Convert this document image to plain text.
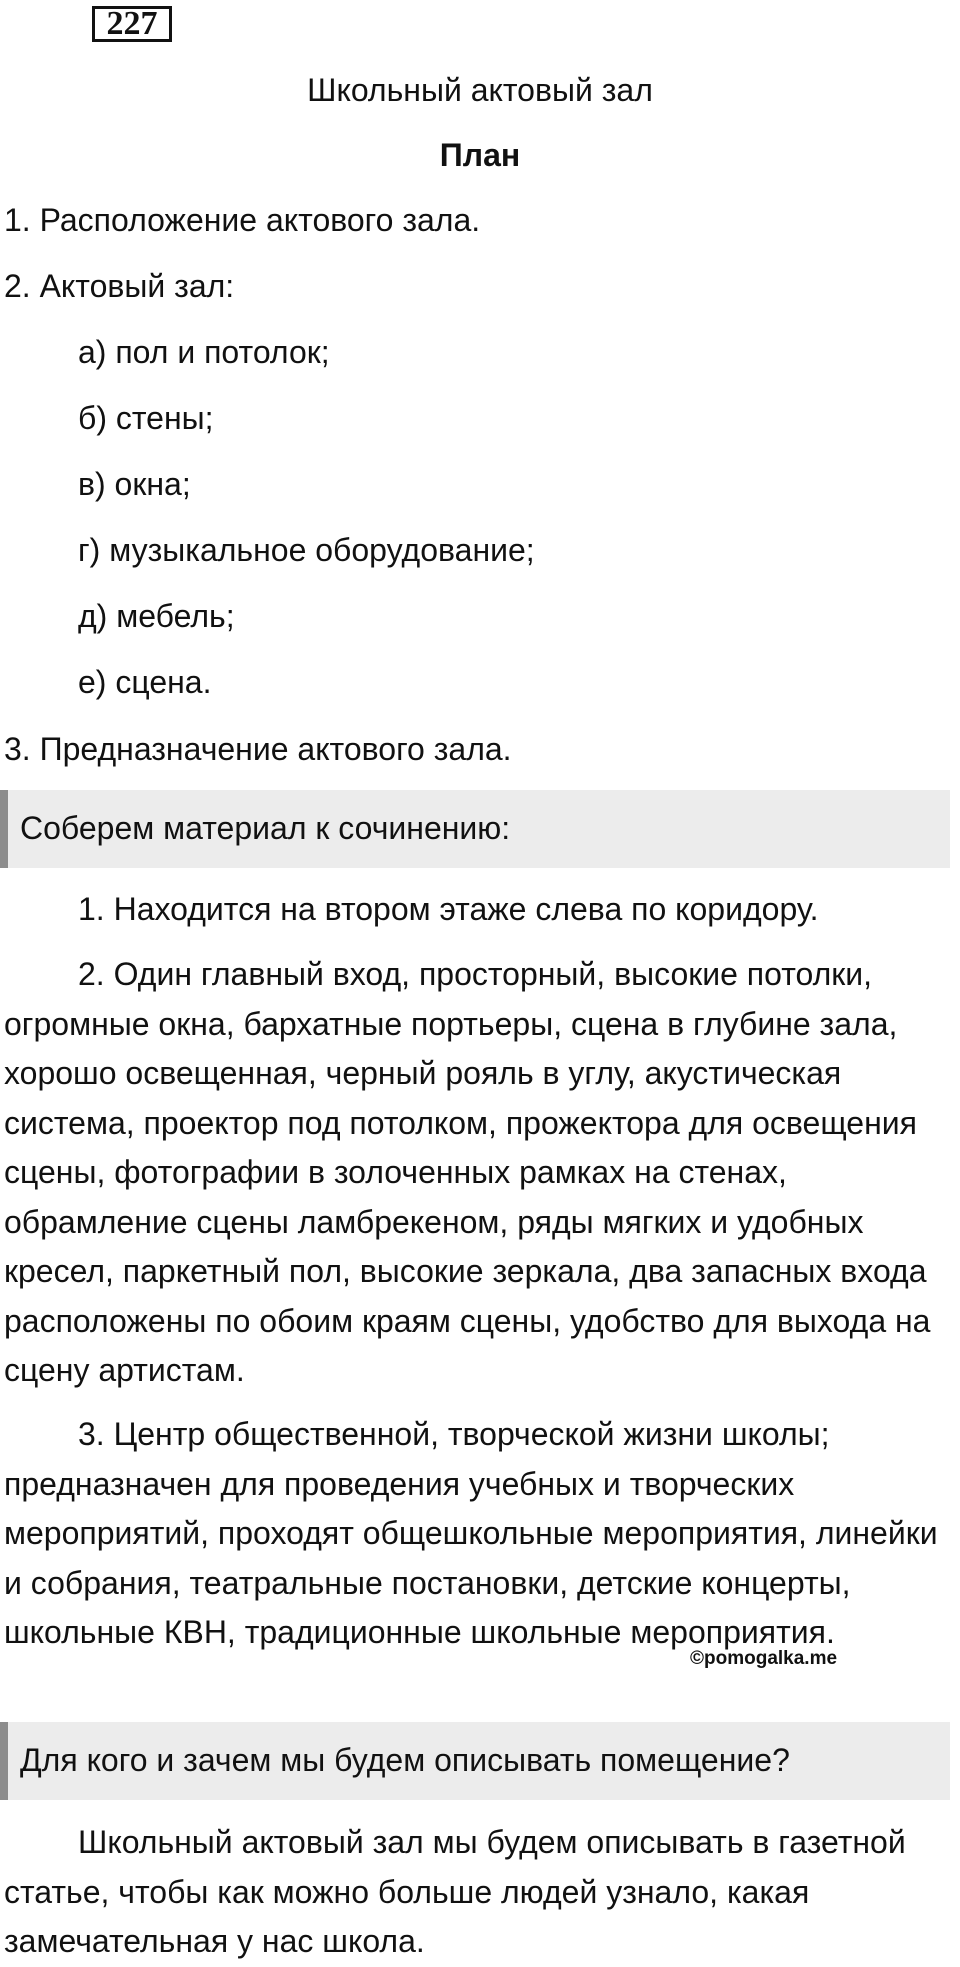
227
Школьный актовый зал
План
1. Расположение актового зала.
2. Актовый зал:
а) пол и потолок;
б) стены;
в) окна;
г) музыкальное оборудование;
д) мебель;
е) сцена.
3. Предназначение актового зала.
Соберем материал к сочинению:
1. Находится на втором этаже слева по коридору.

2. Один главный вход, просторный, высокие потолки, огромные окна, бархатные портьеры, сцена в глубине зала, хорошо освещенная, черный рояль в углу, акустическая система, проектор под потолком, прожектора для освещения сцены, фотографии в золоченных рамках на стенах, обрамление сцены ламбрекеном, ряды мягких и удобных кресел, паркетный пол, высокие зеркала, два запасных входа расположены по обоим краям сцены, удобство для выхода на сцену артистам.

3. Центр общественной, творческой жизни школы; предназначен для проведения учебных и творческих мероприятий, проходят общешкольные мероприятия, линейки и собрания, театральные постановки, детские концерты, школьные КВН, традиционные школьные мероприятия.

©pomogalka.me
Для кого и зачем мы будем описывать помещение?

Школьный актовый зал мы будем описывать в газетной статье, чтобы как можно больше людей узнало, какая замечательная у нас школа.
